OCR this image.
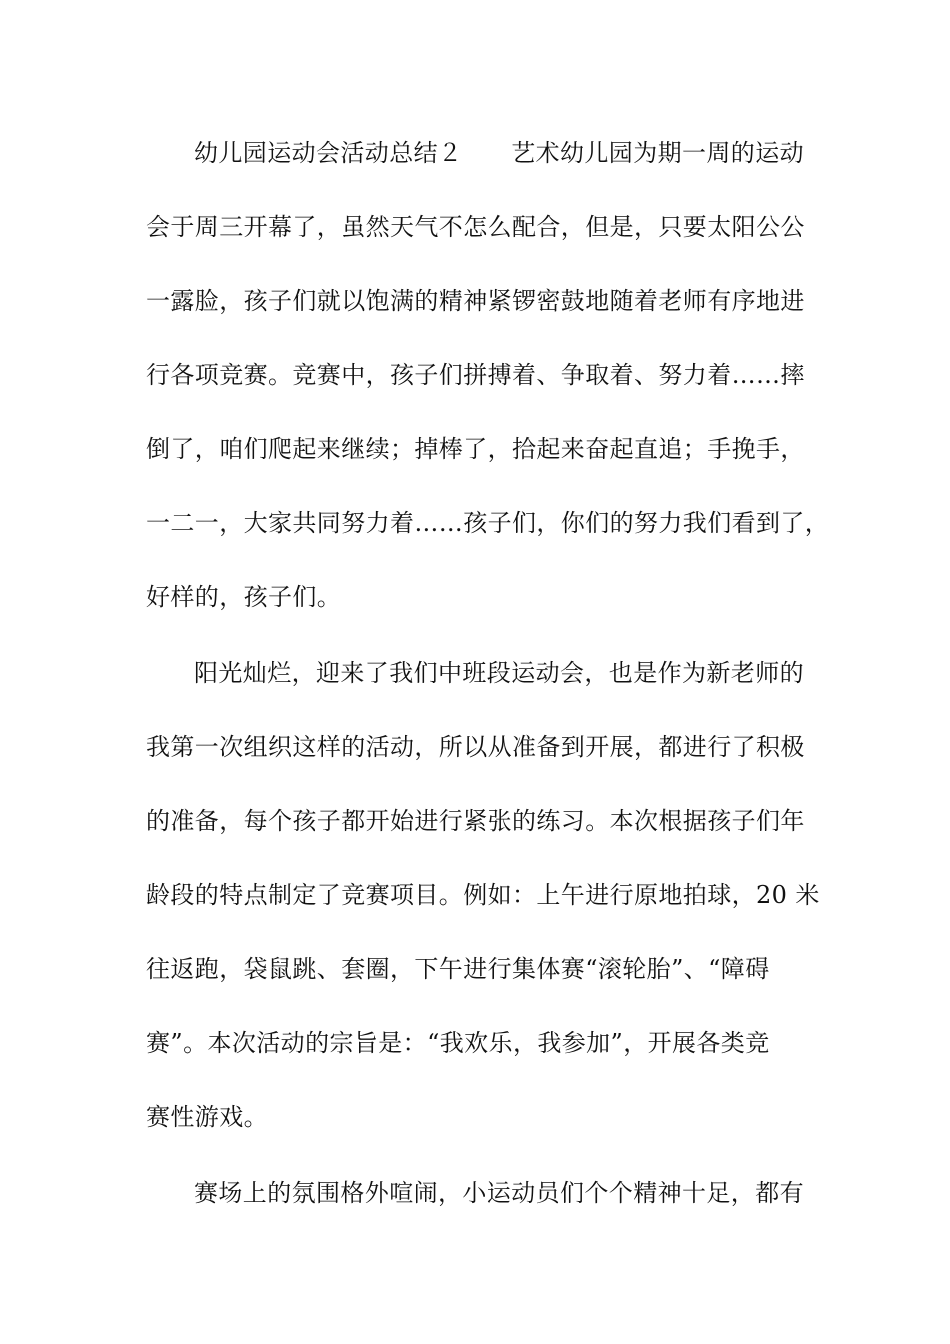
幼儿园运动会活动总结２　　艺术幼儿园为期一周的运动
会于周三开幕了，虽然天气不怎么配合，但是，只要太阳公公
一露脸，孩子们就以饱满的精神紧锣密鼓地随着老师有序地进
行各项竞赛。竞赛中，孩子们拼搏着、争取着、努力着……摔
倒了，咱们爬起来继续；掉棒了，拾起来奋起直追；手挽手，
一二一，大家共同努力着……孩子们，你们的努力我们看到了，
好样的，孩子们。
阳光灿烂，迎来了我们中班段运动会，也是作为新老师的
我第一次组织这样的活动，所以从准备到开展，都进行了积极
的准备，每个孩子都开始进行紧张的练习。本次根据孩子们年
龄段的特点制定了竞赛项目。例如：上午进行原地拍球，20 米
往返跑，袋鼠跳、套圈，下午进行集体赛“滚轮胎”、“障碍
赛”。本次活动的宗旨是：“我欢乐，我参加”，开展各类竞
赛性游戏。
赛场上的氛围格外喧闹，小运动员们个个精神十足，都有
